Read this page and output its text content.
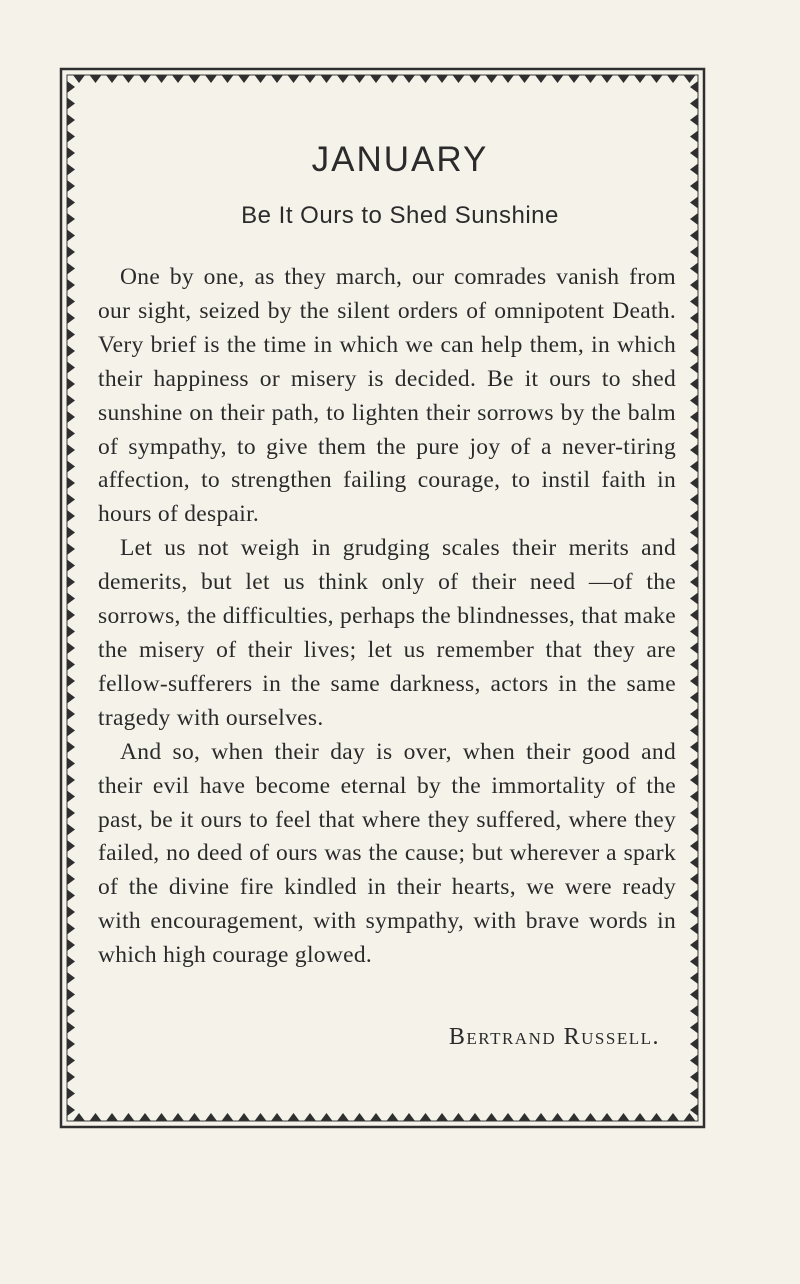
JANUARY
Be It Ours to Shed Sunshine

One by one, as they march, our comrades vanish from our sight, seized by the silent orders of omnipotent Death. Very brief is the time in which we can help them, in which their happiness or misery is decided. Be it ours to shed sunshine on their path, to lighten their sorrows by the balm of sympathy, to give them the pure joy of a never-tiring affection, to strengthen failing courage, to instil faith in hours of despair.

Let us not weigh in grudging scales their merits and demerits, but let us think only of their need —of the sorrows, the difficulties, perhaps the blindnesses, that make the misery of their lives; let us remember that they are fellow-sufferers in the same darkness, actors in the same tragedy with ourselves.

And so, when their day is over, when their good and their evil have become eternal by the immortality of the past, be it ours to feel that where they suffered, where they failed, no deed of ours was the cause; but wherever a spark of the divine fire kindled in their hearts, we were ready with encouragement, with sympathy, with brave words in which high courage glowed.

Bertrand Russell.
